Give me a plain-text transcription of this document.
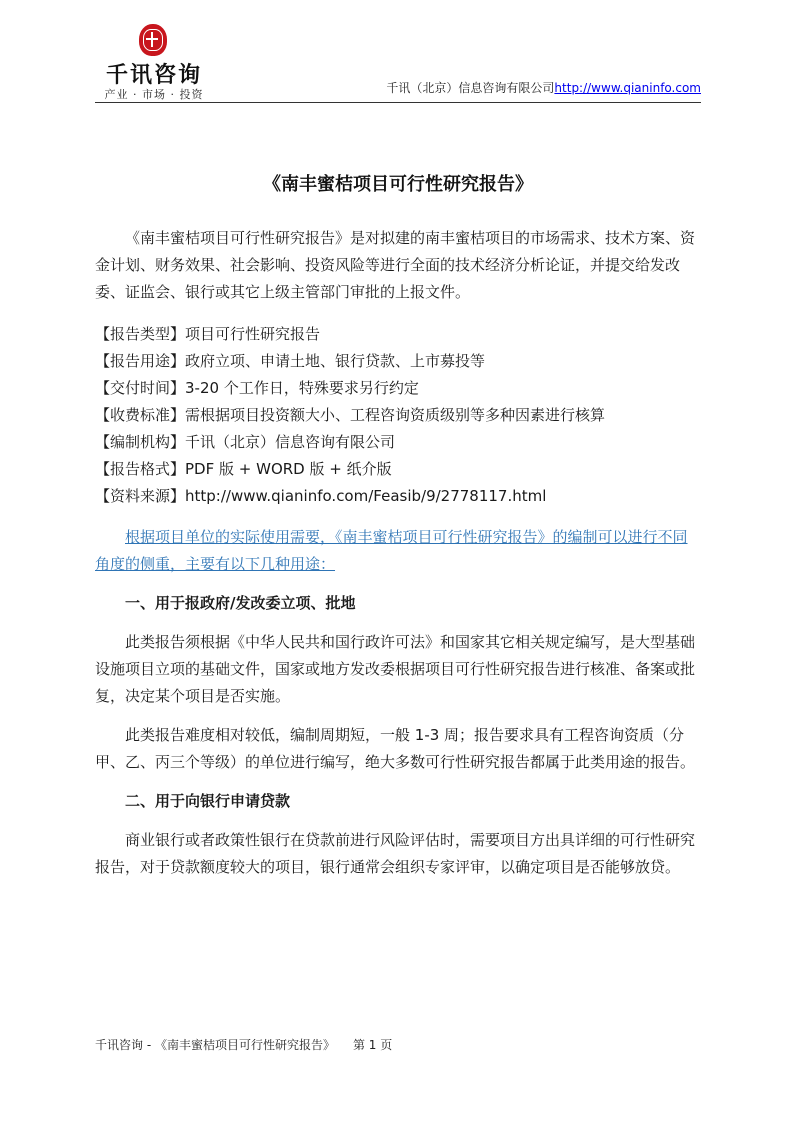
千讯咨询
产业 · 市场 · 投资	千讯（北京）信息咨询有限公司http://www.qianinfo.com
《南丰蜜桔项目可行性研究报告》

《南丰蜜桔项目可行性研究报告》是对拟建的南丰蜜桔项目的市场需求、技术方案、资金计划、财务效果、社会影响、投资风险等进行全面的技术经济分析论证，并提交给发改委、证监会、银行或其它上级主管部门审批的上报文件。

【报告类型】项目可行性研究报告

【报告用途】政府立项、申请土地、银行贷款、上市募投等

【交付时间】3-20 个工作日，特殊要求另行约定

【收费标准】需根据项目投资额大小、工程咨询资质级别等多种因素进行核算

【编制机构】千讯（北京）信息咨询有限公司

【报告格式】PDF 版 + WORD 版 + 纸介版

【资料来源】http://www.qianinfo.com/Feasib/9/2778117.html

根据项目单位的实际使用需要，《南丰蜜桔项目可行性研究报告》的编制可以进行不同角度的侧重，主要有以下几种用途：

一、用于报政府/发改委立项、批地

此类报告须根据《中华人民共和国行政许可法》和国家其它相关规定编写，是大型基础设施项目立项的基础文件，国家或地方发改委根据项目可行性研究报告进行核准、备案或批复，决定某个项目是否实施。

此类报告难度相对较低，编制周期短，一般 1-3 周；报告要求具有工程咨询资质（分甲、乙、丙三个等级）的单位进行编写，绝大多数可行性研究报告都属于此类用途的报告。

二、用于向银行申请贷款

商业银行或者政策性银行在贷款前进行风险评估时，需要项目方出具详细的可行性研究报告，对于贷款额度较大的项目，银行通常会组织专家评审，以确定项目是否能够放贷。

千讯咨询 - 《南丰蜜桔项目可行性研究报告》 第 1 页
